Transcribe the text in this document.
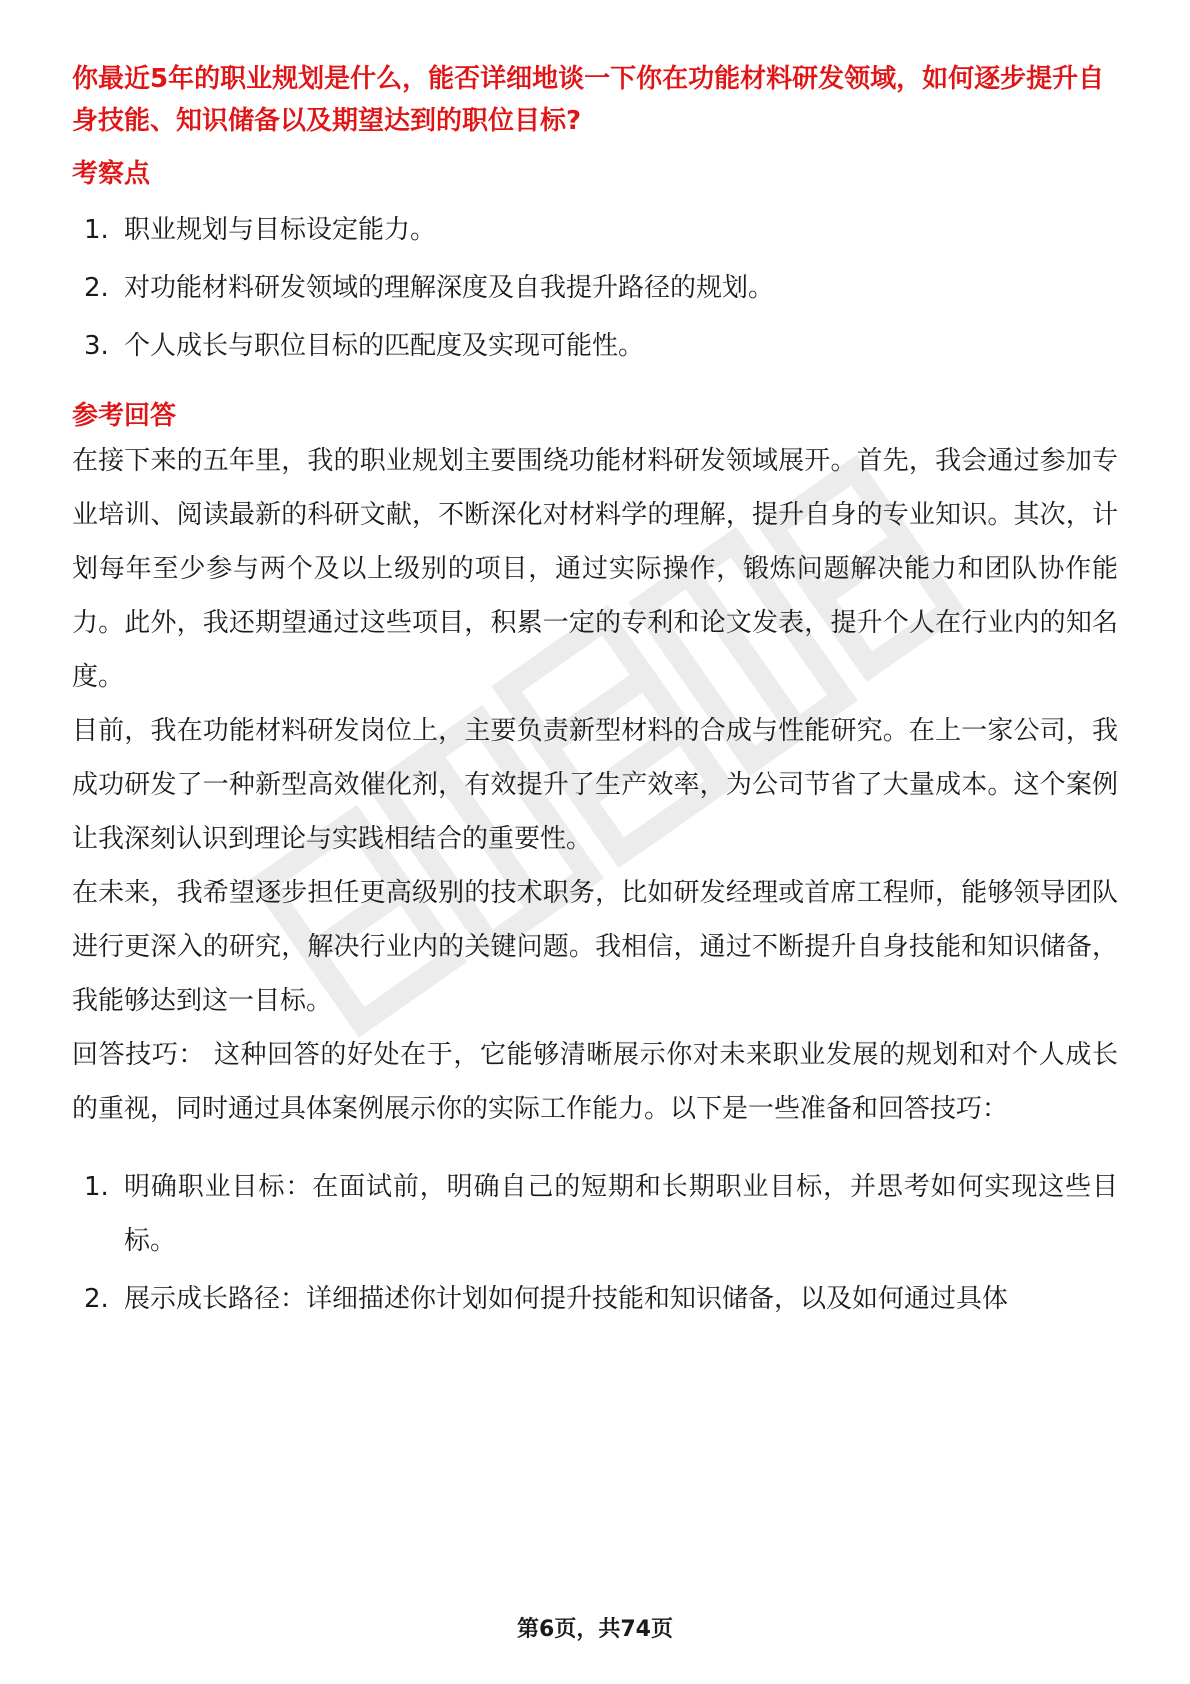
你最近5年的职业规划是什么，能否详细地谈一下你在功能材料研发领域，如何逐步提升自身技能、知识储备以及期望达到的职位目标?

考察点

1. 职业规划与目标设定能力。
2. 对功能材料研发领域的理解深度及自我提升路径的规划。
3. 个人成长与职位目标的匹配度及实现可能性。

参考回答

在接下来的五年里，我的职业规划主要围绕功能材料研发领域展开。首先，我会通过参加专业培训、阅读最新的科研文献，不断深化对材料学的理解，提升自身的专业知识。其次，计划每年至少参与两个及以上级别的项目，通过实际操作，锻炼问题解决能力和团队协作能力。此外，我还期望通过这些项目，积累一定的专利和论文发表，提升个人在行业内的知名度。

目前，我在功能材料研发岗位上，主要负责新型材料的合成与性能研究。在上一家公司，我成功研发了一种新型高效催化剂，有效提升了生产效率，为公司节省了大量成本。这个案例让我深刻认识到理论与实践相结合的重要性。

在未来，我希望逐步担任更高级别的技术职务，比如研发经理或首席工程师，能够领导团队进行更深入的研究，解决行业内的关键问题。我相信，通过不断提升自身技能和知识储备，我能够达到这一目标。

回答技巧： 这种回答的好处在于，它能够清晰展示你对未来职业发展的规划和对个人成长的重视，同时通过具体案例展示你的实际工作能力。以下是一些准备和回答技巧：

1. 明确职业目标：在面试前，明确自己的短期和长期职业目标，并思考如何实现这些目标。
2. 展示成长路径：详细描述你计划如何提升技能和知识储备，以及如何通过具体
第6页，共74页
